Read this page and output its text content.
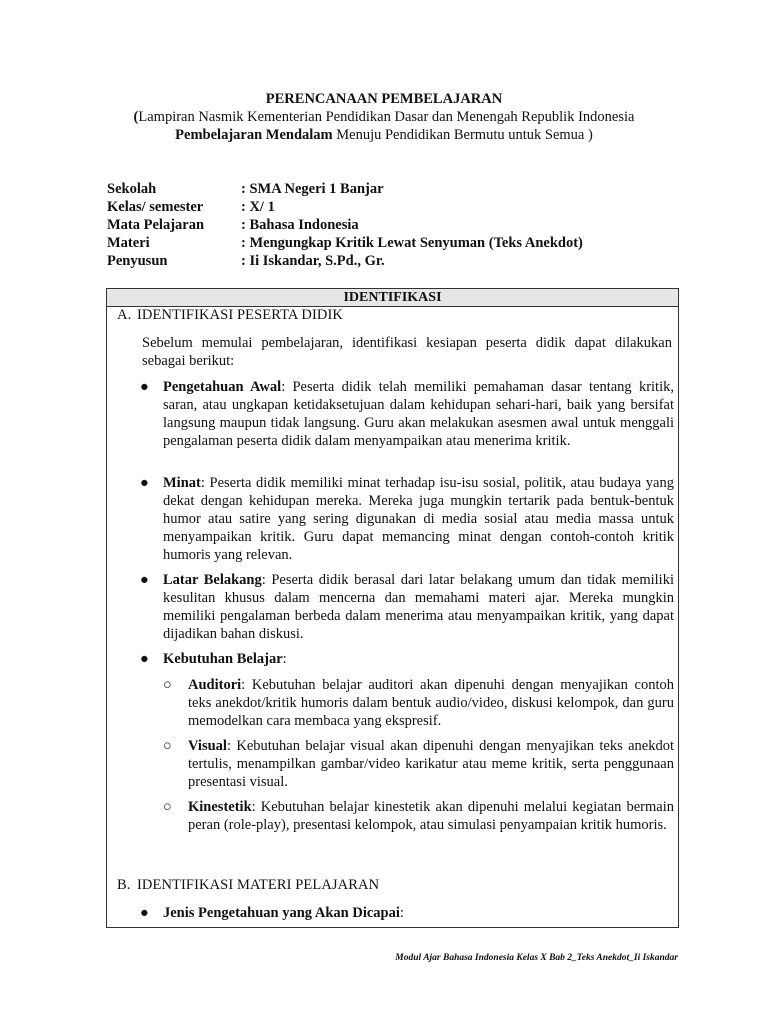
PERENCANAAN PEMBELAJARAN
(Lampiran Nasmik Kementerian Pendidikan Dasar dan Menengah Republik Indonesia
Pembelajaran Mendalam Menuju Pendidikan Bermutu untuk Semua )
Sekolah	: SMA Negeri 1 Banjar
Kelas/ semester	: X/ 1
Mata Pelajaran	: Bahasa Indonesia
Materi	: Mengungkap Kritik Lewat Senyuman (Teks Anekdot)
Penyusun	: Ii Iskandar, S.Pd., Gr.
IDENTIFIKASI
A. IDENTIFIKASI PESERTA DIDIK
Sebelum memulai pembelajaran, identifikasi kesiapan peserta didik dapat dilakukan sebagai berikut:
● Pengetahuan Awal: Peserta didik telah memiliki pemahaman dasar tentang kritik, saran, atau ungkapan ketidaksetujuan dalam kehidupan sehari-hari, baik yang bersifat langsung maupun tidak langsung. Guru akan melakukan asesmen awal untuk menggali pengalaman peserta didik dalam menyampaikan atau menerima kritik.
● Minat: Peserta didik memiliki minat terhadap isu-isu sosial, politik, atau budaya yang dekat dengan kehidupan mereka. Mereka juga mungkin tertarik pada bentuk-bentuk humor atau satire yang sering digunakan di media sosial atau media massa untuk menyampaikan kritik. Guru dapat memancing minat dengan contoh-contoh kritik humoris yang relevan.
● Latar Belakang: Peserta didik berasal dari latar belakang umum dan tidak memiliki kesulitan khusus dalam mencerna dan memahami materi ajar. Mereka mungkin memiliki pengalaman berbeda dalam menerima atau menyampaikan kritik, yang dapat dijadikan bahan diskusi.
● Kebutuhan Belajar:
○ Auditori: Kebutuhan belajar auditori akan dipenuhi dengan menyajikan contoh teks anekdot/kritik humoris dalam bentuk audio/video, diskusi kelompok, dan guru memodelkan cara membaca yang ekspresif.
○ Visual: Kebutuhan belajar visual akan dipenuhi dengan menyajikan teks anekdot tertulis, menampilkan gambar/video karikatur atau meme kritik, serta penggunaan presentasi visual.
○ Kinestetik: Kebutuhan belajar kinestetik akan dipenuhi melalui kegiatan bermain peran (role-play), presentasi kelompok, atau simulasi penyampaian kritik humoris.
B. IDENTIFIKASI MATERI PELAJARAN
● Jenis Pengetahuan yang Akan Dicapai:
Modul Ajar Bahasa Indonesia Kelas X Bab 2_Teks Anekdot_Ii Iskandar
